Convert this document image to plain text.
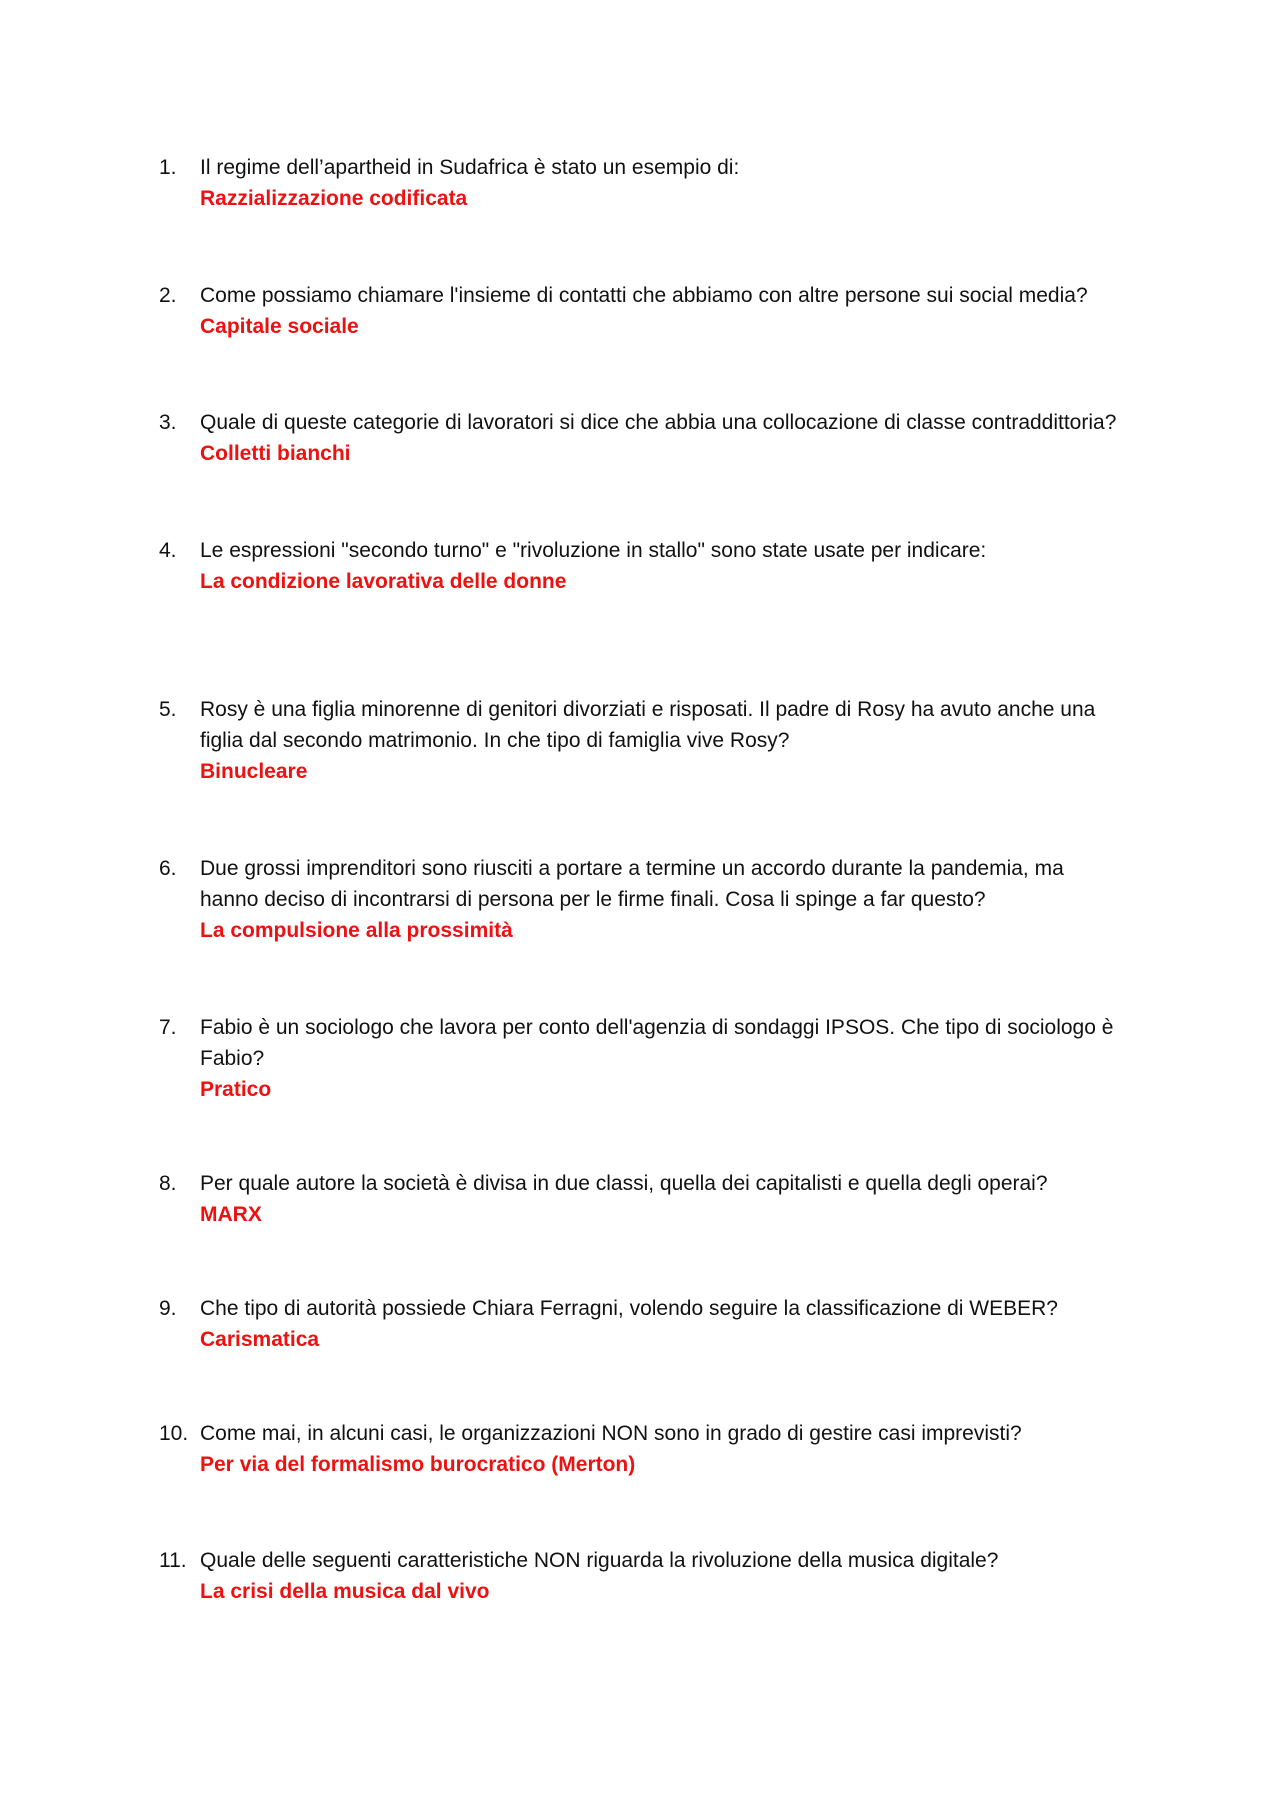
1.	Il regime dell’apartheid in Sudafrica è stato un esempio di:
Razzializzazione codificata
2.	Come possiamo chiamare l'insieme di contatti che abbiamo con altre persone sui social media?
Capitale sociale
3.	Quale di queste categorie di lavoratori si dice che abbia una collocazione di classe contraddittoria?
Colletti bianchi
4.	Le espressioni "secondo turno" e "rivoluzione in stallo" sono state usate per indicare:
La condizione lavorativa delle donne
5.	Rosy è una figlia minorenne di genitori divorziati e risposati. Il padre di Rosy ha avuto anche una
figlia dal secondo matrimonio. In che tipo di famiglia vive Rosy?
Binucleare
6.	Due grossi imprenditori sono riusciti a portare a termine un accordo durante la pandemia, ma
hanno deciso di incontrarsi di persona per le firme finali. Cosa li spinge a far questo?
La compulsione alla prossimità
7.	Fabio è un sociologo che lavora per conto dell'agenzia di sondaggi IPSOS. Che tipo di sociologo è
Fabio?
Pratico
8.	Per quale autore la società è divisa in due classi, quella dei capitalisti e quella degli operai?
MARX
9.	Che tipo di autorità possiede Chiara Ferragni, volendo seguire la classificazione di WEBER?
Carismatica
10. Come mai, in alcuni casi, le organizzazioni NON sono in grado di gestire casi imprevisti?
Per via del formalismo burocratico (Merton)
11. Quale delle seguenti caratteristiche NON riguarda la rivoluzione della musica digitale?
La crisi della musica dal vivo
